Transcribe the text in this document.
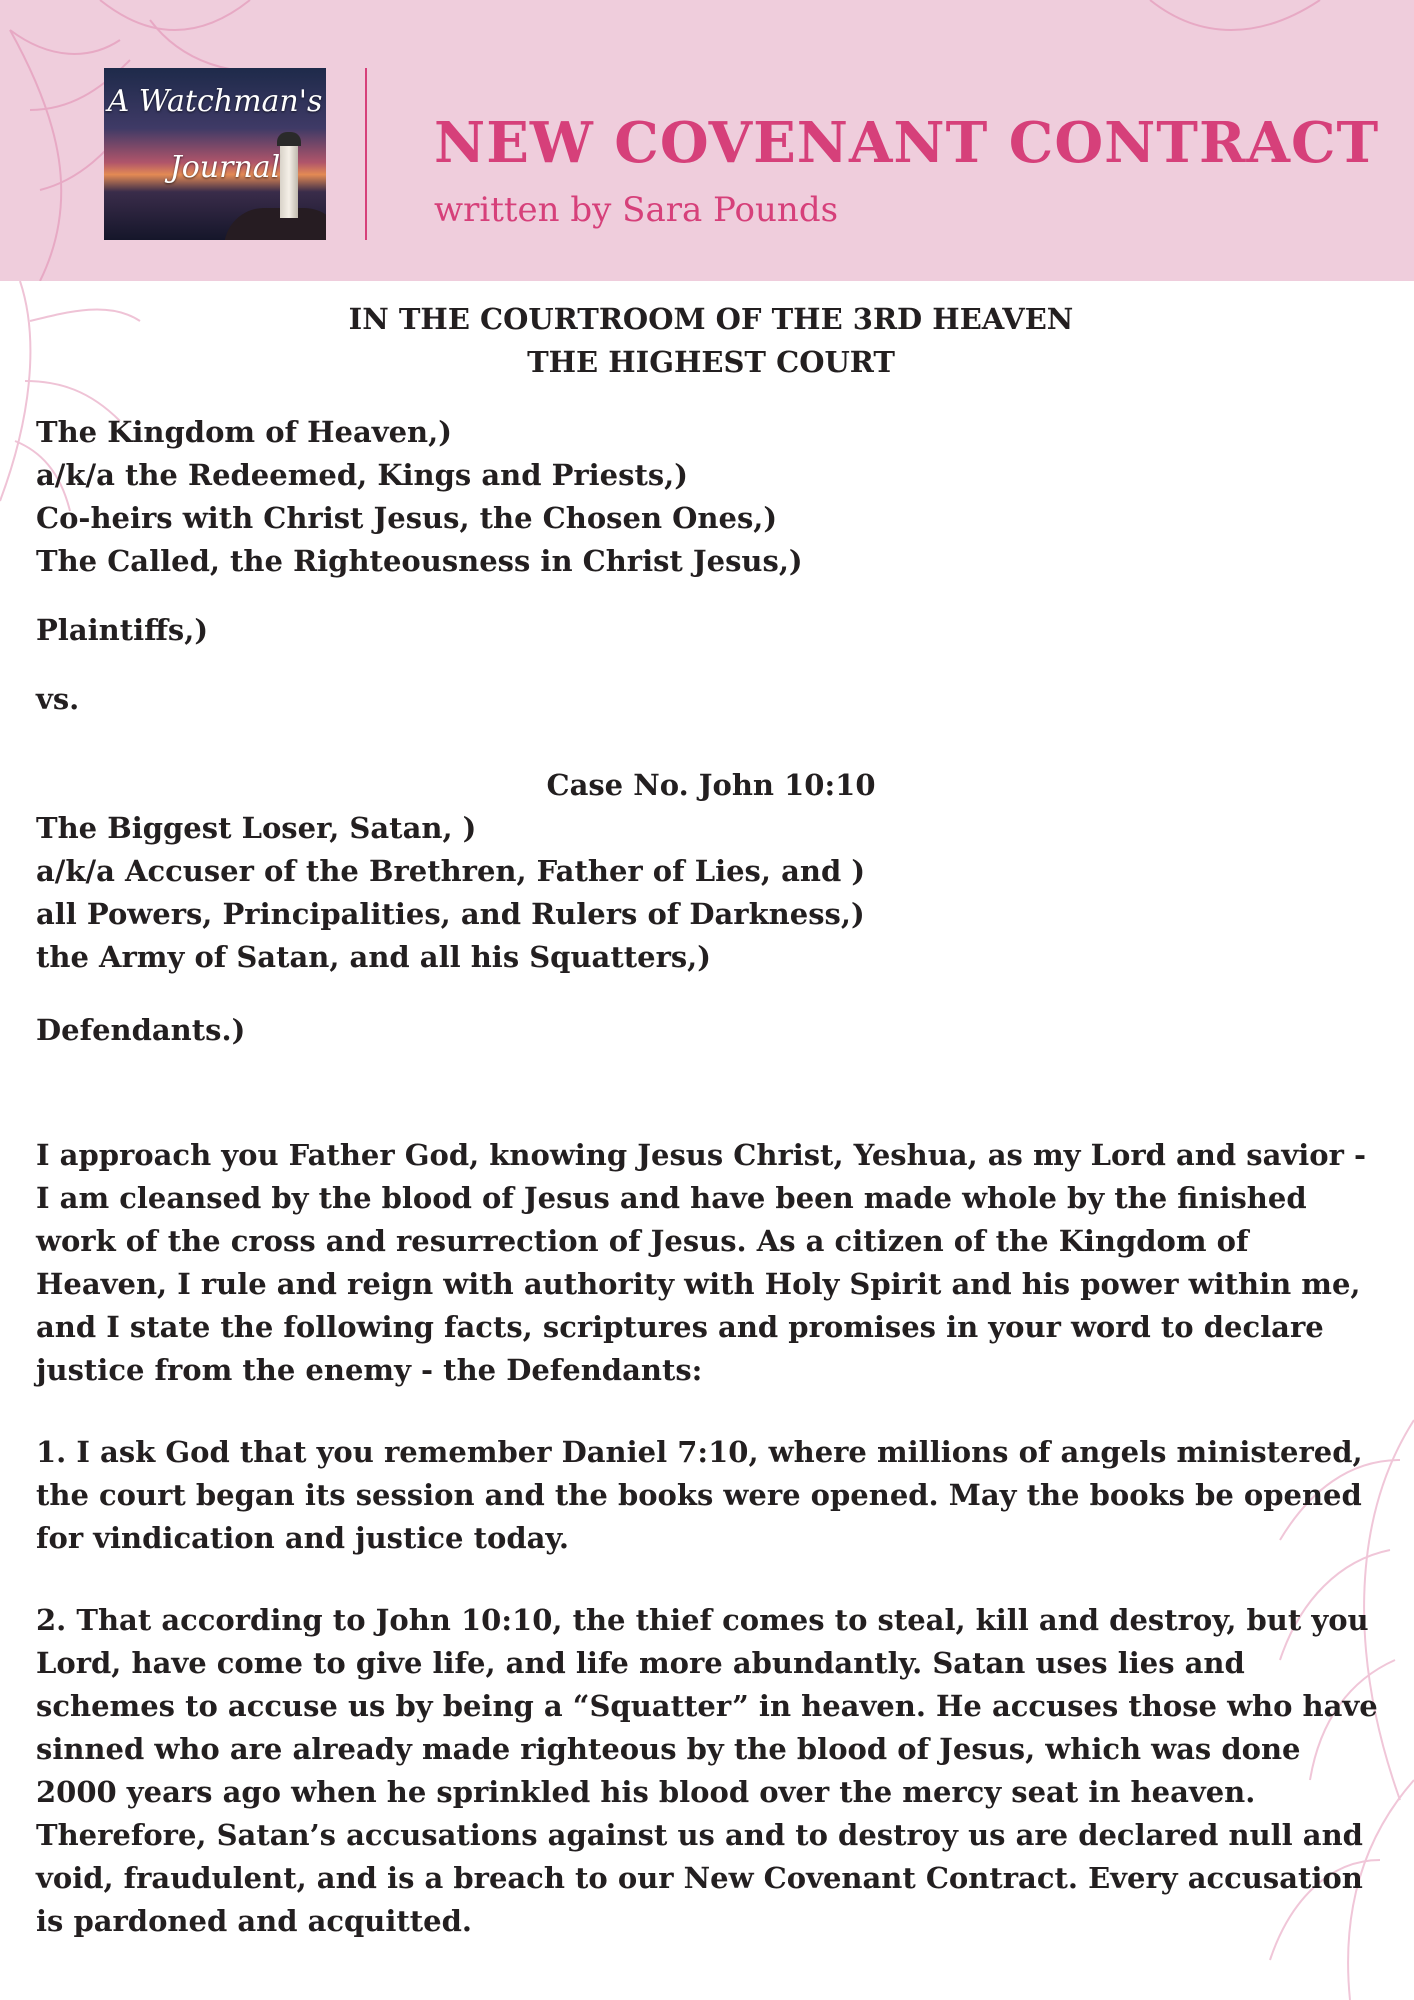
A Watchman's
Journal	NEW COVENANT CONTRACT
written by Sara Pounds
IN THE COURTROOM OF THE 3RD HEAVEN
THE HIGHEST COURT
The Kingdom of Heaven,)
a/k/a the Redeemed, Kings and Priests,)
Co-heirs with Christ Jesus, the Chosen Ones,)
The Called, the Righteousness in Christ Jesus,)
Plaintiffs,)
vs.
Case No. John 10:10
The Biggest Loser, Satan, )
a/k/a Accuser of the Brethren, Father of Lies, and )
all Powers, Principalities, and Rulers of Darkness,)
the Army of Satan, and all his Squatters,)
Defendants.)

I approach you Father God, knowing Jesus Christ, Yeshua, as my Lord and savior - I am cleansed by the blood of Jesus and have been made whole by the finished work of the cross and resurrection of Jesus. As a citizen of the Kingdom of Heaven, I rule and reign with authority with Holy Spirit and his power within me, and I state the following facts, scriptures and promises in your word to declare justice from the enemy - the Defendants:

1. I ask God that you remember Daniel 7:10, where millions of angels ministered, the court began its session and the books were opened. May the books be opened for vindication and justice today.

2. That according to John 10:10, the thief comes to steal, kill and destroy, but you Lord, have come to give life, and life more abundantly. Satan uses lies and schemes to accuse us by being a “Squatter” in heaven. He accuses those who have sinned who are already made righteous by the blood of Jesus, which was done 2000 years ago when he sprinkled his blood over the mercy seat in heaven.

Therefore, Satan’s accusations against us and to destroy us are declared null and void, fraudulent, and is a breach to our New Covenant Contract. Every accusation is pardoned and acquitted.
